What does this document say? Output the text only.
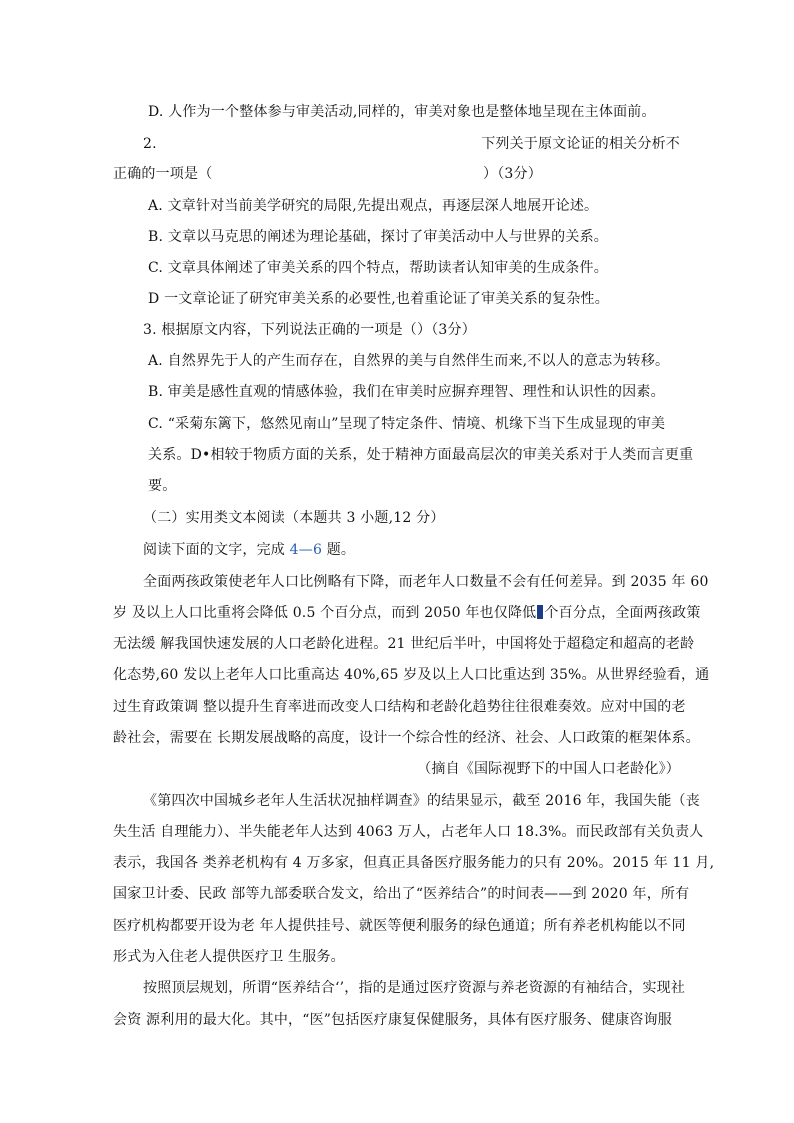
D. 人作为一个整体参与审美活动,同样的，审美对象也是整体地呈现在主体面前。
2.	下列关于原文论证的相关分析不
正确的一项是（	）（3分）
A. 文章针对当前美学研究的局限,先提出观点，再逐层深人地展开论述。
B. 文章以马克思的阐述为理论基础，探讨了审美活动中人与世界的关系。
C. 文章具体阐述了审美关系的四个特点，帮助读者认知审美的生成条件。
D 一文章论证了研究审美关系的必要性,也着重论证了审美关系的复杂性。
3. 根据原文内容，下列说法正确的一项是（）（3分）
A. 自然界先于人的产生而存在，自然界的美与自然伴生而来,不以人的意志为转移。
B. 审美是感性直观的情感体验，我们在审美时应摒弃理智、理性和认识性的因素。
C. “采菊东篱下，悠然见南山”呈现了特定条件、情境、机缘下当下生成显现的审美
关系。D•相较于物质方面的关系，处于精神方面最高层次的审美关系对于人类而言更重
要。
（二）实用类文本阅读（本题共 3 小题,12 分）
阅读下面的文字，完成 4—6 题。
全面两孩政策使老年人口比例略有下降，而老年人口数量不会有任何差异。到 2035 年 60
岁 及以上人口比重将会降低 0.5 个百分点，而到 2050 年也仅降低 个百分点，全面两孩政策
无法缓 解我国快速发展的人口老龄化进程。21 世纪后半叶，中国将处于超稳定和超高的老龄
化态势,60 发以上老年人口比重高达 40%,65 岁及以上人口比重达到 35%。从世界经验看，通
过生育政策调 整以提升生育率进而改变人口结构和老龄化趋势往往很难奏效。应对中国的老
龄社会，需要在 长期发展战略的高度，设计一个综合性的经济、社会、人口政策的框架体系。
（摘自《国际视野下的中国人口老龄化》）
《第四次中国城乡老年人生活状况抽样调查》的结果显示，截至 2016 年，我国失能（丧
失生活 自理能力）、半失能老年人达到 4063 万人，占老年人口 18.3%。而民政部有关负责人
表示，我国各 类养老机构有 4 万多家，但真正具备医疗服务能力的只有 20%。2015 年 11 月,
国家卫计委、民政 部等九部委联合发文，给出了“医养结合”的时间表——到 2020 年，所有
医疗机构都要开设为老 年人提供挂号、就医等便利服务的绿色通道；所有养老机构能以不同
形式为入住老人提供医疗卫 生服务。
按照顶层规划，所谓“医养结合‘’，指的是通过医疗资源与养老资源的有袖结合，实现社
会资 源利用的最大化。其中，“医”包括医疗康复保健服务，具体有医疗服务、健康咨询服
